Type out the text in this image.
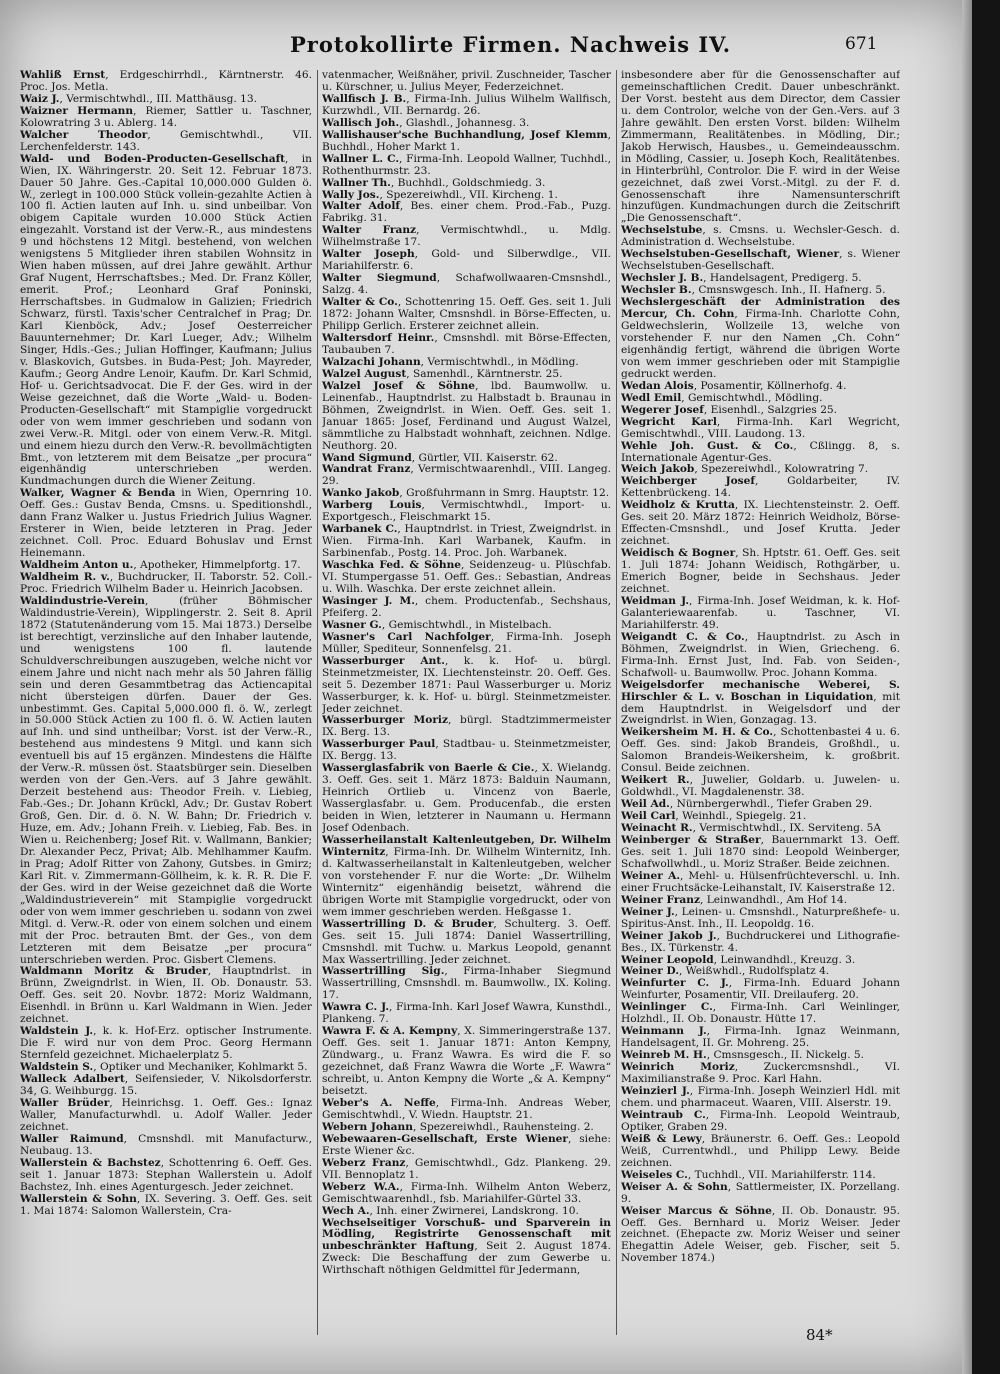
Protokollirte Firmen. Nachweis IV.	671

Wahliß Ernst, Erdgeschirrhdl., Kärntnerstr. 46. Proc. Jos. Metla.

Waiz J., Vermischtwhdl., III. Matthäusg. 13.

Waizner Hermann, Riemer, Sattler u. Taschner, Kolowratring 3 u. Ablerg. 14.

Walcher Theodor, Gemischtwhdl., VII. Lerchenfelderstr. 143.

Wald- und Boden-Producten-Gesellschaft, in Wien, IX. Währingerstr. 20. Seit 12. Februar 1873. Dauer 50 Jahre. Ges.-Capital 10,000.000 Gulden ö. W., zerlegt in 100.000 Stück vollein-gezahlte Actien à 100 fl. Actien lauten auf Inh. u. sind unbeilbar. Von obigem Capitale wurden 10.000 Stück Actien eingezahlt. Vorstand ist der Verw.-R., aus mindestens 9 und höchstens 12 Mitgl. bestehend, von welchen wenigstens 5 Mitglieder ihren stabilen Wohnsitz in Wien haben müssen, auf drei Jahre gewählt. Arthur Graf Nugent, Herrschaftsbes.; Med. Dr. Franz Köller, emerit. Prof.; Leonhard Graf Poninski, Herrschaftsbes. in Gudmalow in Galizien; Friedrich Schwarz, fürstl. Taxis'scher Centralchef in Prag; Dr. Karl Kienböck, Adv.; Josef Oesterreicher Bauunternehmer; Dr. Karl Lueger, Adv.; Wilhelm Singer, Hdls.-Ges.; Julian Hoffinger, Kaufmann; Julius v. Blaskovich, Gutsbes. in Buda-Pest; Joh. Mayreder, Kaufm.; Georg Andre Lenoir, Kaufm. Dr. Karl Schmid, Hof- u. Gerichtsadvocat. Die F. der Ges. wird in der Weise gezeichnet, daß die Worte „Wald- u. Boden-Producten-Gesellschaft“ mit Stampiglie vorgedruckt oder von wem immer geschrieben und sodann von zwei Verw.-R. Mitgl. oder von einem Verw.-R. Mitgl. und einem hiezu durch den Verw.-R. bevollmächtigten Bmt., von letzterem mit dem Beisatze „per procura“ eigenhändig unterschrieben werden. Kundmachungen durch die Wiener Zeitung.

Walker, Wagner & Benda in Wien, Opernring 10. Oeff. Ges.: Gustav Benda, Cmsns. u. Speditionshdl., dann Franz Walker u. Justus Friedrich Julius Wagner. Ersterer in Wien, beide letzteren in Prag. Jeder zeichnet. Coll. Proc. Eduard Bohuslav und Ernst Heinemann.

Waldheim Anton u., Apotheker, Himmelpfortg. 17.

Waldheim R. v., Buchdrucker, II. Taborstr. 52. Coll.-Proc. Friedrich Wilhelm Bader u. Heinrich Jacobsen.

Waldindustrie-Verein, (früher Böhmischer Waldindustrie-Verein), Wipplingerstr. 2. Seit 8. April 1872 (Statutenänderung vom 15. Mai 1873.) Derselbe ist berechtigt, verzinsliche auf den Inhaber lautende, und wenigstens 100 fl. lautende Schuldverschreibungen auszugeben, welche nicht vor einem Jahre und nicht nach mehr als 50 Jahren fällig sein und deren Gesammtbetrag das Actiencapital nicht übersteigen dürfen. Dauer der Ges. unbestimmt. Ges. Capital 5,000.000 fl. ö. W., zerlegt in 50.000 Stück Actien zu 100 fl. ö. W. Actien lauten auf Inh. und sind untheilbar; Vorst. ist der Verw.-R., bestehend aus mindestens 9 Mitgl. und kann sich eventuell bis auf 15 ergänzen. Mindestens die Hälfte der Verw.-R. müssen öst. Staatsbürger sein. Dieselben werden von der Gen.-Vers. auf 3 Jahre gewählt. Derzeit bestehend aus: Theodor Freih. v. Liebieg, Fab.-Ges.; Dr. Johann Krückl, Adv.; Dr. Gustav Robert Groß, Gen. Dir. d. ö. N. W. Bahn; Dr. Friedrich v. Huze, em. Adv.; Johann Freih. v. Liebieg, Fab. Bes. in Wien u. Reichenberg; Josef Rit. v. Wallmann, Bankier; Dr. Alexander Pecz, Privat; Alb. Mehlhammer Kaufm. in Prag; Adolf Ritter von Zahony, Gutsbes. in Gmirz; Karl Rit. v. Zimmermann-Göllheim, k. k. R. R. Die F. der Ges. wird in der Weise gezeichnet daß die Worte „Waldindustrieverein“ mit Stampiglie vorgedruckt oder von wem immer geschrieben u. sodann von zwei Mitgl. d. Verw.-R. oder von einem solchen und einem mit der Proc. betrauten Bmt. der Ges., von dem Letzteren mit dem Beisatze „per procura“ unterschrieben werden. Proc. Gisbert Clemens.

Waldmann Moritz & Bruder, Hauptndrlst. in Brünn, Zweigndrlst. in Wien, II. Ob. Donaustr. 53. Oeff. Ges. seit 20. Novbr. 1872: Moriz Waldmann, Eisenhdl. in Brünn u. Karl Waldmann in Wien. Jeder zeichnet.

Waldstein J., k. k. Hof-Erz. optischer Instrumente. Die F. wird nur von dem Proc. Georg Hermann Sternfeld gezeichnet. Michaelerplatz 5.

Waldstein S., Optiker und Mechaniker, Kohlmarkt 5.

Walleck Adalbert, Seifensieder, V. Nikolsdorferstr. 34, G. Weihburgg. 15.

Waller Brüder, Heinrichsg. 1. Oeff. Ges.: Ignaz Waller, Manufacturwhdl. u. Adolf Waller. Jeder zeichnet.

Waller Raimund, Cmsnshdl. mit Manufacturw., Neubaug. 13.

Wallerstein & Bachstez, Schottenring 6. Oeff. Ges. seit 1. Januar 1873: Stephan Wallerstein u. Adolf Bachstez, Inh. eines Agenturgesch. Jeder zeichnet.

Wallerstein & Sohn, IX. Severing. 3. Oeff. Ges. seit 1. Mai 1874: Salomon Wallerstein, Cra-

vatenmacher, Weißnäher, privil. Zuschneider, Tascher u. Kürschner, u. Julius Meyer, Federzeichnet.

Wallfisch J. B., Firma-Inh. Julius Wilhelm Wallfisch, Kurzwhdl., VII. Bernardg. 26.

Wallisch Joh., Glashdl., Johannesg. 3.

Wallishauser'sche Buchhandlung, Josef Klemm, Buchhdl., Hoher Markt 1.

Wallner L. C., Firma-Inh. Leopold Wallner, Tuchhdl., Rothenthurmstr. 23.

Wallner Th., Buchhdl., Goldschmiedg. 3.

Wally Jos., Spezereiwhdl., VII. Kircheng. 1.

Walter Adolf, Bes. einer chem. Prod.-Fab., Puzg. Fabrikg. 31.

Walter Franz, Vermischtwhdl., u. Mdlg. Wilhelmstraße 17.

Walter Joseph, Gold- und Silberwdlge., VII. Mariahilferstr. 6.

Walter Siegmund, Schafwollwaaren-Cmsnshdl., Salzg. 4.

Walter & Co., Schottenring 15. Oeff. Ges. seit 1. Juli 1872: Johann Walter, Cmsnshdl. in Börse-Effecten, u. Philipp Gerlich. Ersterer zeichnet allein.

Waltersdorf Heinr., Cmsnshdl. mit Börse-Effecten, Taubauben 7.

Walzachi Johann, Vermischtwhdl., in Mödling.

Walzel August, Samenhdl., Kärntnerstr. 25.

Walzel Josef & Söhne, lbd. Baumwollw. u. Leinenfab., Hauptndrlst. zu Halbstadt b. Braunau in Böhmen, Zweigndrlst. in Wien. Oeff. Ges. seit 1. Januar 1865: Josef, Ferdinand und August Walzel, sämmtliche zu Halbstadt wohnhaft, zeichnen. Ndlge. Neuthorg. 20.

Wand Sigmund, Gürtler, VII. Kaiserstr. 62.

Wandrat Franz, Vermischtwaarenhdl., VIII. Langeg. 29.

Wanko Jakob, Großfuhrmann in Smrg. Hauptstr. 12.

Warberg Louis, Vermischtwhdl., Import- u. Exportgesch., Fleischmarkt 15.

Warbanek C., Hauptndrlst. in Triest, Zweigndrlst. in Wien. Firma-Inh. Karl Warbanek, Kaufm. in Sarbinenfab., Postg. 14. Proc. Joh. Warbanek.

Waschka Fed. & Söhne, Seidenzeug- u. Plüschfab. VI. Stumpergasse 51. Oeff. Ges.: Sebastian, Andreas u. Wilh. Waschka. Der erste zeichnet allein.

Wasinger J. M., chem. Productenfab., Sechshaus, Pfeiferg. 2.

Wasner G., Gemischtwhdl., in Mistelbach.

Wasner's Carl Nachfolger, Firma-Inh. Joseph Müller, Spediteur, Sonnenfelsg. 21.

Wasserburger Ant., k. k. Hof- u. bürgl. Steinmetzmeister, IX. Liechtensteinstr. 20. Oeff. Ges. seit 5. Dezember 1871: Paul Wasserburger u. Moriz Wasserburger, k. k. Hof- u. bürgl. Steinmetzmeister. Jeder zeichnet.

Wasserburger Moriz, bürgl. Stadtzimmermeister IX. Berg. 13.

Wasserburger Paul, Stadtbau- u. Steinmetzmeister, IX. Bergg. 13.

Wasserglasfabrik von Baerle & Cie., X. Wielandg. 3. Oeff. Ges. seit 1. März 1873: Balduin Naumann, Heinrich Ortlieb u. Vincenz von Baerle, Wasserglasfabr. u. Gem. Producenfab., die ersten beiden in Wien, letzterer in Naumann u. Hermann Josef Odenbach.

Wasserheilanstalt Kaltenleutgeben, Dr. Wilhelm Winternitz, Firma-Inh. Dr. Wilhelm Winternitz, Inh. d. Kaltwasserheilanstalt in Kaltenleutgeben, welcher von vorstehender F. nur die Worte: „Dr. Wilhelm Winternitz“ eigenhändig beisetzt, während die übrigen Worte mit Stampiglie vorgedruckt, oder von wem immer geschrieben werden. Heßgasse 1.

Wassertrilling D. & Bruder, Schulterg. 3. Oeff. Ges. seit 15. Juli 1874: Daniel Wassertrilling, Cmsnshdl. mit Tuchw. u. Markus Leopold, genannt Max Wassertrilling. Jeder zeichnet.

Wassertrilling Sig., Firma-Inhaber Siegmund Wassertrilling, Cmsnshdl. m. Baumwollw., IX. Koling. 17.

Wawra C. J., Firma-Inh. Karl Josef Wawra, Kunsthdl., Plankeng. 7.

Wawra F. & A. Kempny, X. Simmeringerstraße 137. Oeff. Ges. seit 1. Januar 1871: Anton Kempny, Zündwarg., u. Franz Wawra. Es wird die F. so gezeichnet, daß Franz Wawra die Worte „F. Wawra“ schreibt, u. Anton Kempny die Worte „& A. Kempny“ beisetzt.

Weber's A. Neffe, Firma-Inh. Andreas Weber, Gemischtwhdl., V. Wiedn. Hauptstr. 21.

Webern Johann, Spezereiwhdl., Rauhensteing. 2.

Webewaaren-Gesellschaft, Erste Wiener, siehe: Erste Wiener &c.

Weberz Franz, Gemischtwhdl., Gdz. Plankeng. 29. VII. Bennoplatz 1.

Weberz W.A., Firma-Inh. Wilhelm Anton Weberz, Gemischtwaarenhdl., fsb. Mariahilfer-Gürtel 33.

Wech A., Inh. einer Zwirnerei, Landskrong. 10.

Wechselseitiger Vorschuß- und Sparverein in Mödling, Registrirte Genossenschaft mit unbeschränkter Haftung, Seit 2. August 1874. Zweck: Die Beschaffung der zum Gewerbe u. Wirthschaft nöthigen Geldmittel für Jedermann,

insbesondere aber für die Genossenschafter auf gemeinschaftlichen Credit. Dauer unbeschränkt. Der Vorst. besteht aus dem Director, dem Cassier u. dem Controlor, welche von der Gen.-Vers. auf 3 Jahre gewählt. Den ersten Vorst. bilden: Wilhelm Zimmermann, Realitätenbes. in Mödling, Dir.; Jakob Herwisch, Hausbes., u. Gemeindeausschm. in Mödling, Cassier, u. Joseph Koch, Realitätenbes. in Hinterbrühl, Controlor. Die F. wird in der Weise gezeichnet, daß zwei Vorst.-Mitgl. zu der F. d. Genossenschaft ihre Namensunterschrift hinzufügen. Kundmachungen durch die Zeitschrift „Die Genossenschaft“.

Wechselstube, s. Cmsns. u. Wechsler-Gesch. d. Administration d. Wechselstube.

Wechselstuben-Gesellschaft, Wiener, s. Wiener Wechselstuben-Gesellschaft.

Wechsler J. B., Handelsagent, Predigerg. 5.

Wechsler B., Cmsnswgesch. Inh., II. Hafnerg. 5.

Wechslergeschäft der Administration des Mercur, Ch. Cohn, Firma-Inh. Charlotte Cohn, Geldwechslerin, Wollzeile 13, welche von vorstehender F. nur den Namen „Ch. Cohn“ eigenhändig fertigt, während die übrigen Worte von wem immer geschrieben oder mit Stampiglie gedruckt werden.

Wedan Alois, Posamentir, Köllnerhofg. 4.

Wedl Emil, Gemischtwhdl., Mödling.

Wegerer Josef, Eisenhdl., Salzgries 25.

Wegricht Karl, Firma-Inh. Karl Wegricht, Gemischtwhdl., VIII. Laudong. 13.

Wehle Joh. Gust. & Co., Cßlingg. 8, s. Internationale Agentur-Ges.

Weich Jakob, Spezereiwhdl., Kolowratring 7.

Weichberger Josef, Goldarbeiter, IV. Kettenbrückeng. 14.

Weidholz & Krutta, IX. Liechtensteinstr. 2. Oeff. Ges. seit 20. März 1872: Heinrich Weidholz, Börse-Effecten-Cmsnshdl., und Josef Krutta. Jeder zeichnet.

Weidisch & Bogner, Sh. Hptstr. 61. Oeff. Ges. seit 1. Juli 1874: Johann Weidisch, Rothgärber, u. Emerich Bogner, beide in Sechshaus. Jeder zeichnet.

Weidman J., Firma-Inh. Josef Weidman, k. k. Hof-Galanteriewaarenfab. u. Taschner, VI. Mariahilferstr. 49.

Weigandt C. & Co., Hauptndrlst. zu Asch in Böhmen, Zweigndrlst. in Wien, Griecheng. 6. Firma-Inh. Ernst Just, Ind. Fab. von Seiden-, Schafwoll- u. Baumwollw. Proc. Johann Komma.

Weigelsdorfer mechanische Weberei, S. Hirschler & L. v. Boschan in Liquidation, mit dem Hauptndrlst. in Weigelsdorf und der Zweigndrlst. in Wien, Gonzagag. 13.

Weikersheim M. H. & Co., Schottenbastei 4 u. 6. Oeff. Ges. sind: Jakob Brandeis, Großhdl., u. Salomon Brandeis-Weikersheim, k. großbrit. Consul. Beide zeichnen.

Weikert R., Juwelier, Goldarb. u. Juwelen- u. Goldwhdl., VI. Magdalenenstr. 38.

Weil Ad., Nürnbergerwhdl., Tiefer Graben 29.

Weil Carl, Weinhdl., Spiegelg. 21.

Weinacht R., Vermischtwhdl., IX. Serviteng. 5A

Weinberger & Straßer, Bauernmarkt 13. Oeff. Ges. seit 1. Juli 1870 sind: Leopold Weinberger, Schafwollwhdl., u. Moriz Straßer. Beide zeichnen.

Weiner A., Mehl- u. Hülsenfrüchteverschl. u. Inh. einer Fruchtsäcke-Leihanstalt, IV. Kaiserstraße 12.

Weiner Franz, Leinwandhdl., Am Hof 14.

Weiner J., Leinen- u. Cmsnshdl., Naturpreßhefe- u. Spiritus-Anst. Inh., II. Leopoldg. 16.

Weiner Jakob J., Buchdruckerei und Lithografie-Bes., IX. Türkenstr. 4.

Weiner Leopold, Leinwandhdl., Kreuzg. 3.

Weiner D., Weißwhdl., Rudolfsplatz 4.

Weinfurter C. J., Firma-Inh. Eduard Johann Weinfurter, Posamentir, VII. Dreilauferg. 20.

Weinlinger C., Firma-Inh. Carl Weinlinger, Holzhdl., II. Ob. Donaustr. Hütte 17.

Weinmann J., Firma-Inh. Ignaz Weinmann, Handelsagent, II. Gr. Mohreng. 25.

Weinreb M. H., Cmsnsgesch., II. Nickelg. 5.

Weinrich Moriz, Zuckercmsnshdl., VI. Maximilianstraße 9. Proc. Karl Hahn.

Weinzierl J., Firma-Inh. Joseph Weinzierl Hdl. mit chem. und pharmaceut. Waaren, VIII. Alserstr. 19.

Weintraub C., Firma-Inh. Leopold Weintraub, Optiker, Graben 29.

Weiß & Lewy, Bräunerstr. 6. Oeff. Ges.: Leopold Weiß, Currentwhdl., und Philipp Lewy. Beide zeichnen.

Weiseles C., Tuchhdl., VII. Mariahilferstr. 114.

Weiser A. & Sohn, Sattlermeister, IX. Porzellang. 9.

Weiser Marcus & Söhne, II. Ob. Donaustr. 95. Oeff. Ges. Bernhard u. Moriz Weiser. Jeder zeichnet. (Ehepacte zw. Moriz Weiser und seiner Ehegattin Adele Weiser, geb. Fischer, seit 5. November 1874.)

84*
